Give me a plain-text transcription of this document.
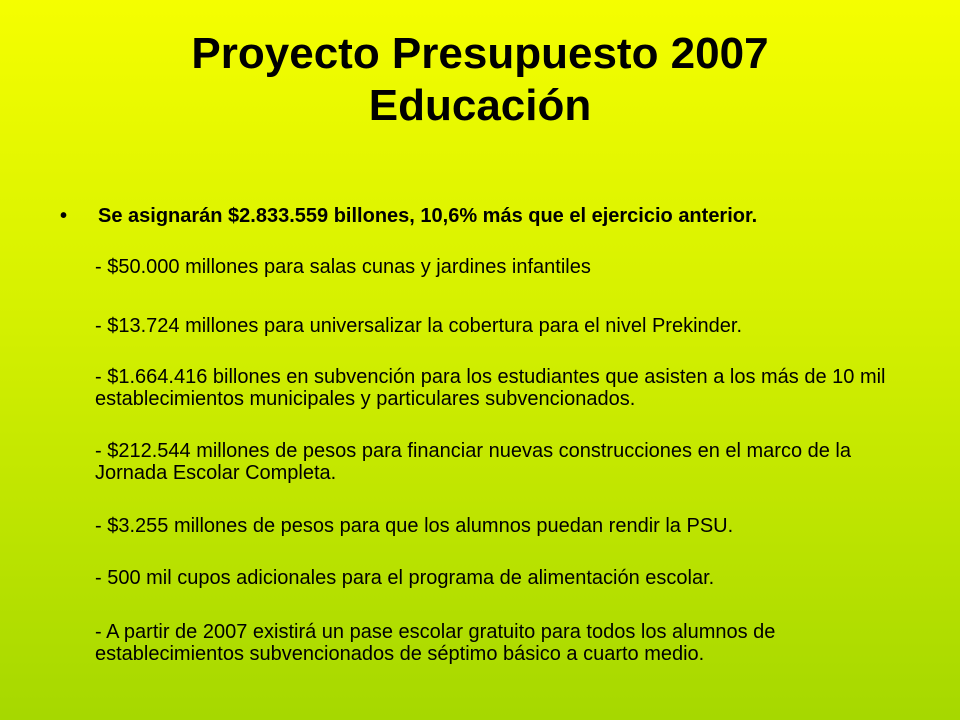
Proyecto Presupuesto 2007
Educación
• Se asignarán $2.833.559 billones, 10,6% más que el ejercicio anterior.

- $50.000 millones para salas cunas y jardines infantiles

- $13.724 millones para universalizar la cobertura para el nivel Prekinder.

- $1.664.416 billones en subvención para los estudiantes que asisten a los más de 10 mil establecimientos municipales y particulares subvencionados.

- $212.544 millones de pesos para financiar nuevas construcciones en el marco de la Jornada Escolar Completa.

- $3.255 millones de pesos para que los alumnos puedan rendir la PSU.

- 500 mil cupos adicionales para el programa de alimentación escolar.

- A partir de 2007 existirá un pase escolar gratuito para todos los alumnos de establecimientos subvencionados de séptimo básico a cuarto medio.
